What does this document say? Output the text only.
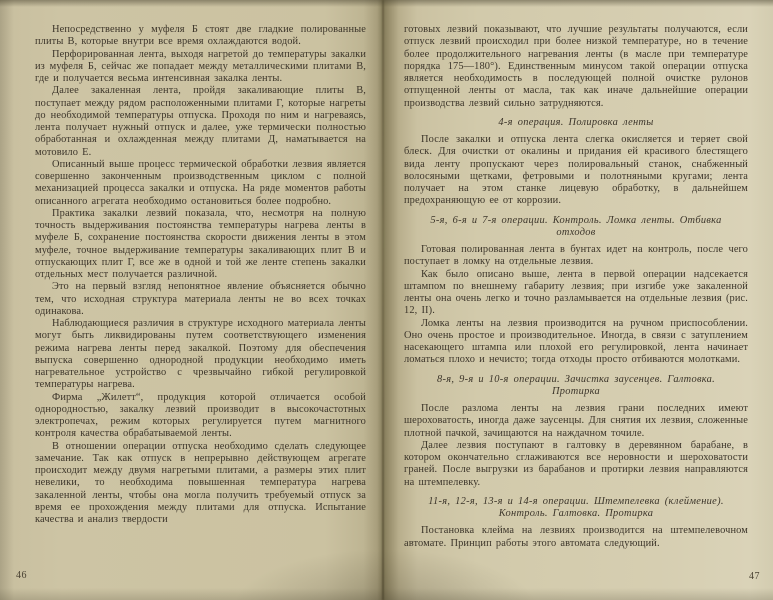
Непосредственно у муфеля Б стоят две гладкие полированные плиты В, которые внутри все время охлаждаются водой.

Перфорированная лента, выходя нагретой до температуры закалки из муфеля Б, сейчас же попадает между металлическими плитами В, где и получается весьма интенсивная закалка ленты.

Далее закаленная лента, пройдя закаливающие плиты В, поступает между рядом расположенными плитами Г, которые нагреты до необходимой температуры отпуска. Проходя по ним и нагреваясь, лента получает нужный отпуск и далее, уже термически полностью обработанная и охлажденная между плитами Д, наматывается на мотовило Е.

Описанный выше процесс термической обработки лезвия является совершенно законченным производственным циклом с полной механизацией процесса закалки и отпуска. На ряде моментов работы описанного агрегата необходимо остановиться более подробно.

Практика закалки лезвий показала, что, несмотря на полную точность выдерживания постоянства температуры нагрева ленты в муфеле Б, сохранение постоянства скорости движения ленты в этом муфеле, точное выдерживание температуры закаливающих плит В и отпускающих плит Г, все же в одной и той же ленте степень закалки отдельных мест получается различной.

Это на первый взгляд непонятное явление объясняется обычно тем, что исходная структура материала ленты не во всех точках одинакова.

Наблюдающиеся различия в структуре исходного материала ленты могут быть ликвидированы путем соответствующего изменения режима нагрева ленты перед закалкой. Поэтому для обеспечения выпуска совершенно однородной продукции необходимо иметь нагревательное устройство с чрезвычайно гибкой регулировкой температуры нагрева.

Фирма „Жилетт“, продукция которой отличается особой однородностью, закалку лезвий производит в высокочастотных электропечах, режим которых регулируется путем магнитного контроля качества обрабатываемой ленты.

В отношении операции отпуска необходимо сделать следующее замечание. Так как отпуск в непрерывно действующем агрегате происходит между двумя нагретыми плитами, а размеры этих плит невелики, то необходима повышенная температура нагрева закаленной ленты, чтобы она могла получить требуемый отпуск за время ее прохождения между плитами для отпуска. Испытание качества и анализ твердости

готовых лезвий показывают, что лучшие результаты получаются, если отпуск лезвий происходил при более низкой температуре, но в течение более продолжительного нагревания ленты (в масле при температуре порядка 175—180°). Единственным минусом такой операции отпуска является необходимость в последующей полной очистке рулонов отпущенной ленты от масла, так как иначе дальнейшие операции производства лезвий сильно затрудняются.

4-я операция. Полировка ленты

После закалки и отпуска лента слегка окисляется и теряет свой блеск. Для очистки от окалины и придания ей красивого блестящего вида ленту пропускают через полировальный станок, снабженный волосяными щетками, фетровыми и полотняными кругами; лента получает на этом станке лицевую обработку, в дальнейшем предохраняющую ее от коррозии.

5-я, 6-я и 7-я операции. Контроль. Ломка ленты. Отбивка отходов

Готовая полированная лента в бунтах идет на контроль, после чего поступает в ломку на отдельные лезвия.

Как было описано выше, лента в первой операции надсекается штампом по внешнему габариту лезвия; при изгибе уже закаленной ленты она очень легко и точно разламывается на отдельные лезвия (рис. 12, II).

Ломка ленты на лезвия производится на ручном приспособлении. Оно очень простое и производительное. Иногда, в связи с затуплением насекающего штампа или плохой его регулировкой, лента начинает ломаться плохо и нечисто; тогда отходы просто отбиваются молотками.

8-я, 9-я и 10-я операции. Зачистка заусенцев. Галтовка. Протирка

После разлома ленты на лезвия грани последних имеют шероховатость, иногда даже заусенцы. Для снятия их лезвия, сложенные плотной пачкой, зачищаются на наждачном точиле.

Далее лезвия поступают в галтовку в деревянном барабане, в котором окончательно сглаживаются все неровности и шероховатости граней. После выгрузки из барабанов и протирки лезвия направляются на штемпелевку.

11-я, 12-я, 13-я и 14-я операции. Штемпелевка (клеймение). Контроль. Галтовка. Протирка

Постановка клейма на лезвиях производится на штемпелевочном автомате. Принцип работы этого автомата следующий.

46	47
